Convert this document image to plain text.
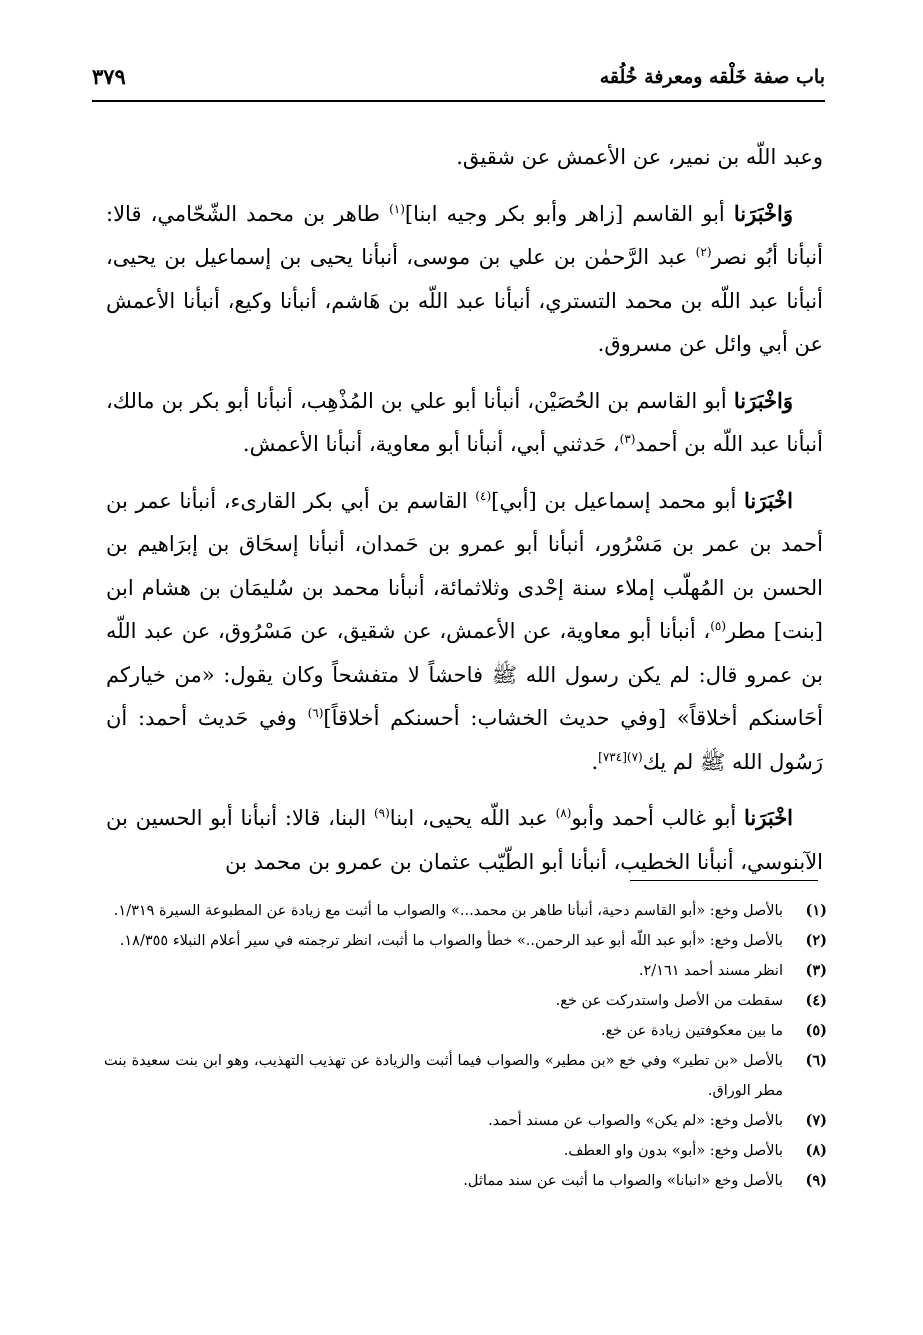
باب صفة خَلْقه ومعرفة خُلُقه
٣٧٩

وعبد اللّه بن نمير، عن الأعمش عن شقيق.

وَاخْبَرَنا أبو القاسم [زاهر وأبو بكر وجيه ابنا]$^{(١)}$ طاهر بن محمد الشّحّامي، قالا: أنبأنا أبُو نصر$^{(٢)}$ عبد الرَّحمٰن بن علي بن موسى، أنبأنا يحيى بن إسماعيل بن يحيى، أنبأنا عبد اللّه بن محمد التستري، أنبأنا عبد اللّه بن هَاشم، أنبأنا وكيع، أنبأنا الأعمش عن أبي وائل عن مسروق.

وَاخْبَرَنا أبو القاسم بن الحُصَيْن، أنبأنا أبو علي بن المُذْهِب، أنبأنا أبو بكر بن مالك، أنبأنا عبد اللّه بن أحمد$^{(٣)}$، حَدثني أبي، أنبأنا أبو معاوية، أنبأنا الأعمش.

اخْبَرَنا أبو محمد إسماعيل بن [أبي]$^{(٤)}$ القاسم بن أبي بكر القارىء، أنبأنا عمر بن أحمد بن عمر بن مَسْرُور، أنبأنا أبو عمرو بن حَمدان، أنبأنا إسحَاق بن إبرَاهيم بن الحسن بن المُهلّب إملاء سنة إحْدى وثلاثمائة، أنبأنا محمد بن سُليمَان بن هشام ابن [بنت] مطر$^{(٥)}$، أنبأنا أبو معاوية، عن الأعمش، عن شقيق، عن مَسْرُوق، عن عبد اللّه بن عمرو قال: لم يكن رسول الله ﷺ فاحشاً لا متفشحاً وكان يقول: «من خياركم أحَاسنكم أخلاقاً» [وفي حديث الخشاب: أحسنكم أخلاقاً]$^{(٦)}$ وفي حَديث أحمد: أن رَسُول الله ﷺ لم يك$^{(٧)[٧٣٤]}$.

اخْبَرَنا أبو غالب أحمد وأبو$^{(٨)}$ عبد اللّه يحيى، ابنا$^{(٩)}$ البنا، قالا: أنبأنا أبو الحسين بن الآبنوسي، أنبأنا الخطيب، أنبأنا أبو الطّيّب عثمان بن عمرو بن محمد بن

(١)
بالأصل وخع: «أبو القاسم دحية، أنبأنا طاهر بن محمد...» والصواب ما أثبت مع زيادة عن المطبوعة السيرة ١/٣١٩.

(٢)
بالأصل وخع: «أبو عبد اللّه أبو عبد الرحمن..» خطأ والصواب ما أثبت، انظر ترجمته في سير أعلام النبلاء ١٨/٣٥٥.

(٣)
انظر مسند أحمد ٢/١٦١.

(٤)
سقطت من الأصل واستدركت عن خع.

(٥)
ما بين معكوفتين زيادة عن خع.

(٦)
بالأصل «بن تطير» وفي خع «بن مطير» والصواب فيما أثبت والزيادة عن تهذيب التهذيب، وهو ابن بنت سعيدة بنت مطر الوراق.

(٧)
بالأصل وخع: «لم يكن» والصواب عن مسند أحمد.

(٨)
بالأصل وخع: «أبو» بدون واو العطف.

(٩)
بالأصل وخع «انبانا» والصواب ما أثبت عن سند مماثل.
